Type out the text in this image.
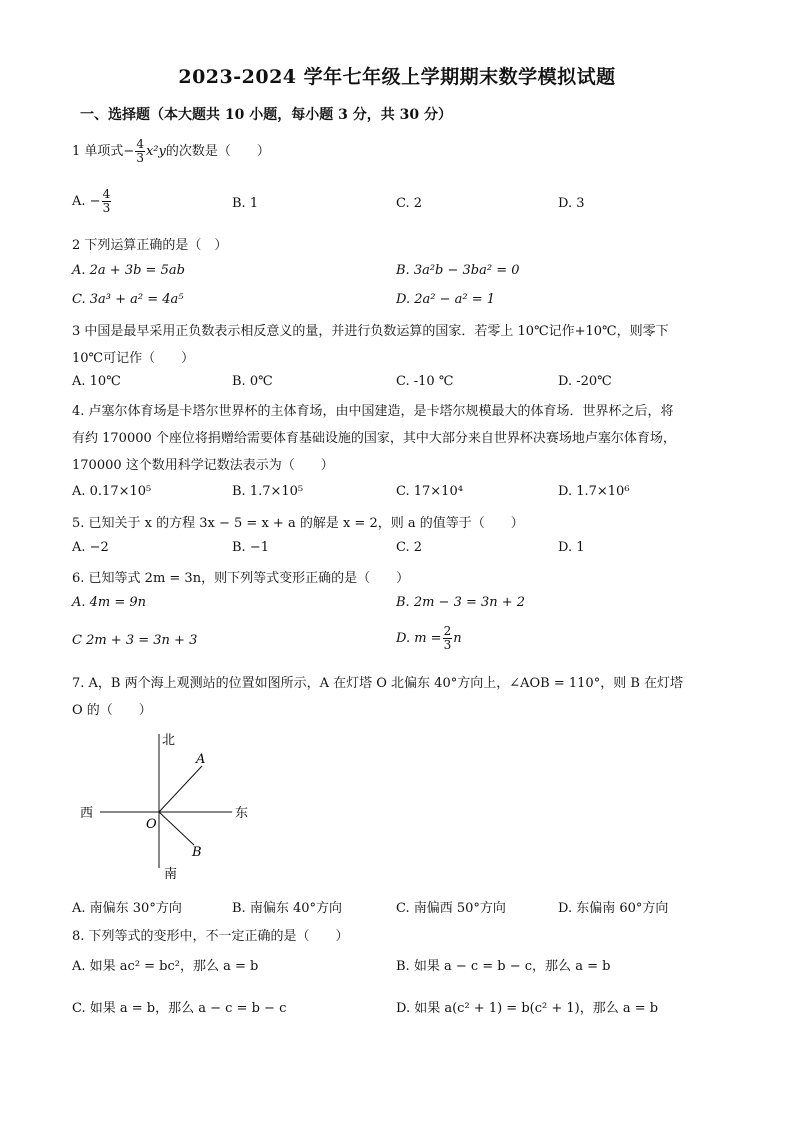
2023-2024 学年七年级上学期期末数学模拟试题
一、选择题（本大题共 10 小题，每小题 3 分，共 30 分）
1 单项式− $\frac{4}{3} x^2y$的次数是（　　）
A. − $\frac{4}{3}$	B. 1	C. 2	D. 3
2 下列运算正确的是（　）
A. 2a + 3b = 5ab	B. 3a²b − 3ba² = 0
C. 3a³ + a² = 4a⁵	D. 2a² − a² = 1
3 中国是最早采用正负数表示相反意义的量，并进行负数运算的国家．若零上 10℃记作+10℃，则零下
10℃可记作（　　）
A. 10℃	B. 0℃	C. -10 ℃	D. -20℃
4. 卢塞尔体育场是卡塔尔世界杯的主体育场，由中国建造，是卡塔尔规模最大的体育场．世界杯之后，将
有约 170000 个座位将捐赠给需要体育基础设施的国家，其中大部分来自世界杯决赛场地卢塞尔体育场，
170000 这个数用科学记数法表示为（　　）
A. 0.17×10⁵	B. 1.7×10⁵	C. 17×10⁴	D. 1.7×10⁶
5. 已知关于 x 的方程 3x − 5 = x + a 的解是 x = 2，则 a 的值等于（　　）
A. −2	B. −1	C. 2	D. 1
6. 已知等式 2m = 3n，则下列等式变形正确的是（　　）
A. 4m = 9n	B. 2m − 3 = 3n + 2
C 2m + 3 = 3n + 3	D. $m = \frac{2}{3}$ n
7. A，B 两个海上观测站的位置如图所示，A 在灯塔 O 北偏东 40°方向上，∠AOB = 110°，则 B 在灯塔
O 的（　　）
北
南
东
西
O
A
B
A. 南偏东 30°方向	B. 南偏东 40°方向	C. 南偏西 50°方向	D. 东偏南 60°方向
8. 下列等式的变形中，不一定正确的是（　　）
A. 如果 ac² = bc²，那么 a = b	B. 如果 a − c = b − c，那么 a = b
C. 如果 a = b，那么 a − c = b − c	D. 如果 a(c² + 1) = b(c² + 1)，那么 a = b
